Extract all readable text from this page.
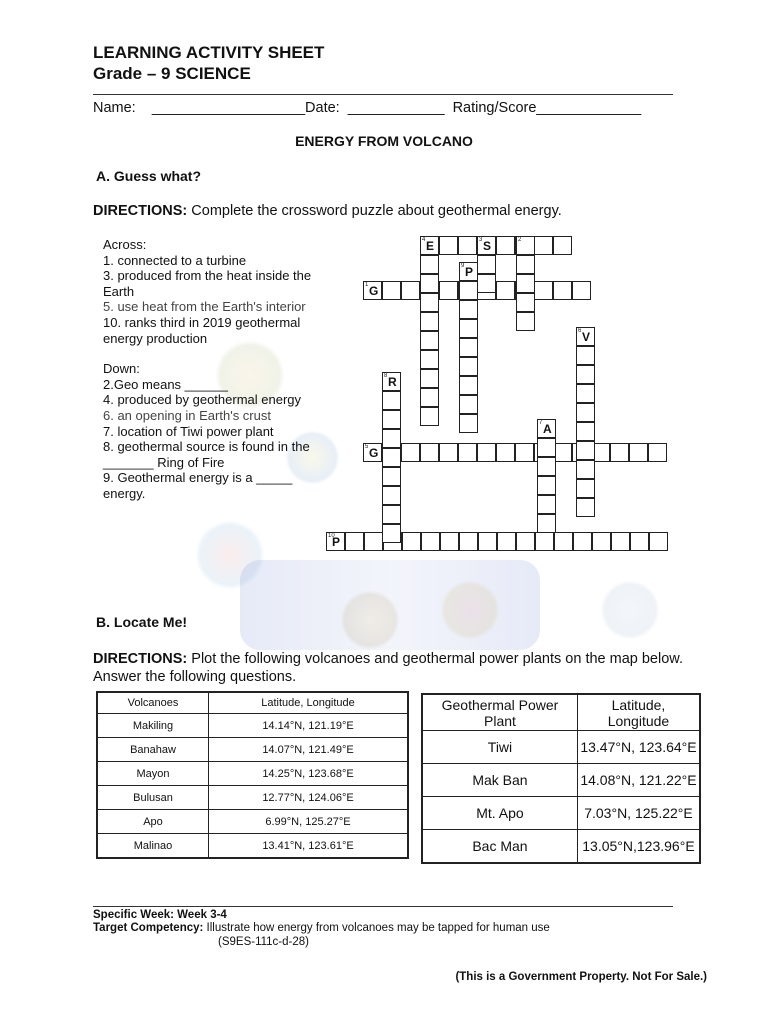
LEARNING ACTIVITY SHEET
Grade – 9 SCIENCE
Name:    ___________________Date:  ____________  Rating/Score_____________
ENERGY FROM VOLCANO
A. Guess what?
DIRECTIONS: Complete the crossword puzzle about geothermal energy.
Across:
1. connected to a turbine
3. produced from the heat inside the Earth
5. use heat from the Earth's interior
10. ranks third in 2019 geothermal energy production
Down:
2.Geo means ______
4. produced by geothermal energy
6. an opening in Earth's crust
7. location of Tiwi power plant
8. geothermal source is found in the _______ Ring of Fire
9. Geothermal energy is a _____ energy.
4 E	3 S	2
9 P
1 G
6 V
8 R
7 A
5 G
10
P
B. Locate Me!
DIRECTIONS: Plot the following volcanoes and geothermal power plants on the map below. Answer the following questions.
Volcanoes	Latitude, Longitude
Makiling	14.14°N, 121.19°E
Banahaw	14.07°N, 121.49°E
Mayon	14.25°N, 123.68°E
Bulusan	12.77°N, 124.06°E
Apo	6.99°N, 125.27°E
Malinao	13.41°N, 123.61°E
Geothermal Power Plant	Latitude, Longitude
Tiwi	13.47°N, 123.64°E
Mak Ban	14.08°N, 121.22°E
Mt. Apo	7.03°N, 125.22°E
Bac Man	13.05°N,123.96°E
Specific Week: Week 3-4
Target Competency: Illustrate how energy from volcanoes may be tapped for human use
(S9ES-111c-d-28)
(This is a Government Property. Not For Sale.)
